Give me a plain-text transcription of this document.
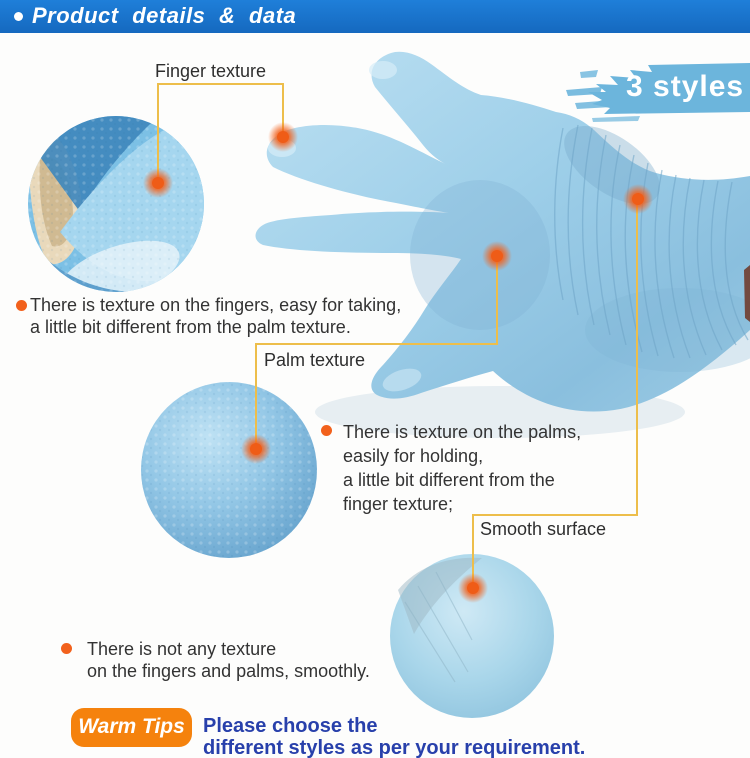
Product details & data
3 styles
Finger texture
There is texture on the fingers, easy for taking,
a little bit different from the palm texture.
Palm texture
There is texture on the palms,
easily for holding,
a little bit different from the
finger texture;
Smooth surface
There is not any texture
on the fingers and palms, smoothly.
Warm Tips Please choose the
different styles as per your requirement.
